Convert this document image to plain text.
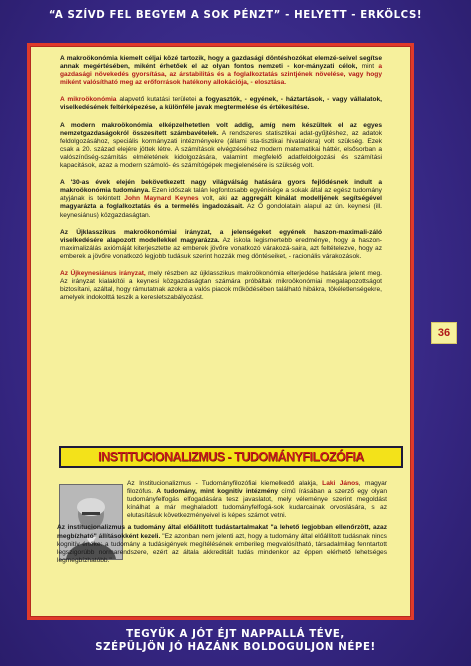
“A SZÍVD FEL BEGYEM A SOK PÉNZT” - HELYETT - ERKÖLCS!

A makroökonómia kiemelt céljai közé tartozik, hogy a gazdasági döntéshozókat elemzé-seivel segítse annak megértésében, miként érhetőek el az olyan fontos nemzeti - kor-mányzati célok, mint a gazdasági növekedés gyorsítása, az árstabilitás és a foglalkoztatás szintjének növelése, vagy hogy miként valósítható meg az erőforrások hatékony allokációja, - elosztása.

A mikroökonómia alapvető kutatási területei a fogyasztók, - egyének, - háztartások, - vagy vállalatok, viselkedésének feltérképezése, a különféle javak megtermelése és értékesítése.

A modern makroökonómia elképzelhetetlen volt addig, amíg nem készültek el az egyes nemzetgazdaságokról összesített számbavételek. A rendszeres statisztikai adat-gyűjtéshez, az adatok feldolgozásához, speciális kormányzati intézményekre (állami sta-tisztikai hivatalokra) volt szükség. Ezek csak a 20. század elejére jöttek létre. A számítások elvégzéséhez modern matematikai háttér, elsősorban a valószínűség-számítás elméletének kidolgozására, valamint megfelelő adatfeldolgozási és számítási kapacitások, azaz a modern számoló- és számítógépek megjelenésére is szükség volt.

A '30-as évek elején bekövetkezett nagy világválság hatására gyors fejlődésnek indult a makroökonómia tudománya. Ezen időszak talán legfontosabb egyénisége a sokak által az egész tudomány atyjának is tekintett John Maynard Keynes volt, aki az aggregált kínálat modelljének segítségével magyarázta a foglalkoztatás és a termelés ingadozásait. Az Ő gondolatain alapul az ún. keynesi (ill. keynesiánus) közgazdaságtan.

Az Újklasszikus makroökonómiai irányzat, a jelenségeket egyének haszon-maximali-záló viselkedésére alapozott modellekkel magyarázza. Az iskola legismertebb eredménye, hogy a haszon-maximalizálás axiómáját kiterjesztette az emberek jövőre vonatkozó várakozá-saira, azt feltételezve, hogy az emberek a jövőre vonatkozó legjobb tudásuk szerint hozzák meg döntéseiket, - racionális várakozások.

Az Újkeynesiánus irányzat, mely részben az újklasszikus makroökonómia elterjedése hatására jelent meg. Az irányzat kialakítói a keynesi közgazdaságtan számára próbáltak mikroökonómiai megalapozottságot biztosítani, azáltal, hogy rámutatnak azokra a valós piacok működésében található hibákra, tökéletlenségekre, amelyek indokolttá teszik a keresletszabályozást.

36
INSTITUCIONALIZMUS - TUDOMÁNYFILOZÓFIA

Az Institucionalizmus - Tudományfilozófiai kiemelkedő alakja, Laki János, magyar filozófus. A tudomány, mint kognitív intézmény című írásában a szerző egy olyan tudományfelfogás elfogadására tesz javaslatot, mely véleménye szerint megoldást kínálhat a már meghaladott tudományfelfogá-sok kudarcainak orvoslására, s az elutasításuk következményeivel is képes számot vetni.

Az institucionalizmus a tudomány által előállított tudástartalmakat "a lehető legjobban ellenőrzött, azaz megbízható" állításokként kezeli. "Ez azonban nem jelenti azt, hogy a tudomány által előállított tudásnak nincs kognitív értéke: a tudomány a tudásigények megítélésének emberileg megvalósítható, társadalmilag fenntartott legszigorúbb normarendszere, ezért az általa akkreditált tudás mindenkor az éppen elérhető lehetséges legmegbízhatóbb."

TEGYÜK A JÓT ÉJT NAPPALLÁ TÉVE,
SZÉPÜLJÖN JÓ HAZÁNK BOLDOGULJON NÉPE!
